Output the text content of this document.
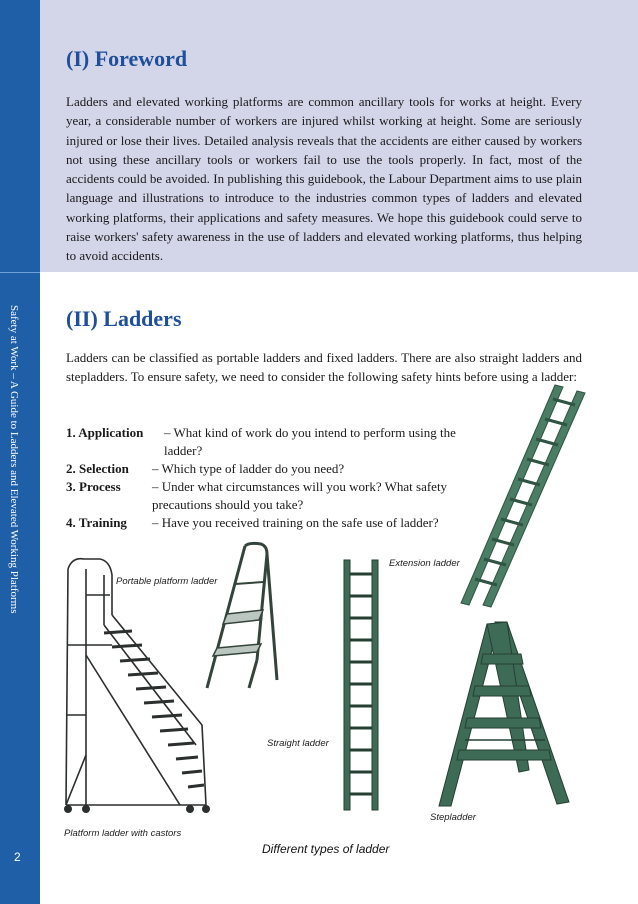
Safety at Work – A Guide to Ladders and Elevated Working Platforms
2
(I) Foreword

Ladders and elevated working platforms are common ancillary tools for works at height. Every year, a considerable number of workers are injured whilst working at height. Some are seriously injured or lose their lives. Detailed analysis reveals that the accidents are either caused by workers not using these ancillary tools or workers fail to use the tools properly. In fact, most of the accidents could be avoided. In publishing this guidebook, the Labour Department aims to use plain language and illustrations to introduce to the industries common types of ladders and elevated working platforms, their applications and safety measures. We hope this guidebook could serve to raise workers' safety awareness in the use of ladders and elevated working platforms, thus helping to avoid accidents.

(II) Ladders

Ladders can be classified as portable ladders and fixed ladders. There are also straight ladders and stepladders. To ensure safety, we need to consider the following safety hints before using a ladder:

1. Application	– What kind of work do you intend to perform using the ladder?
2. Selection	– Which type of ladder do you need?
3. Process	– Under what circumstances will you work? What safety precautions should you take?
4. Training	– Have you received training on the safe use of ladder?
Extension ladder
Portable platform ladder
Straight ladder
Stepladder
Platform ladder with castors
Different types of ladder
